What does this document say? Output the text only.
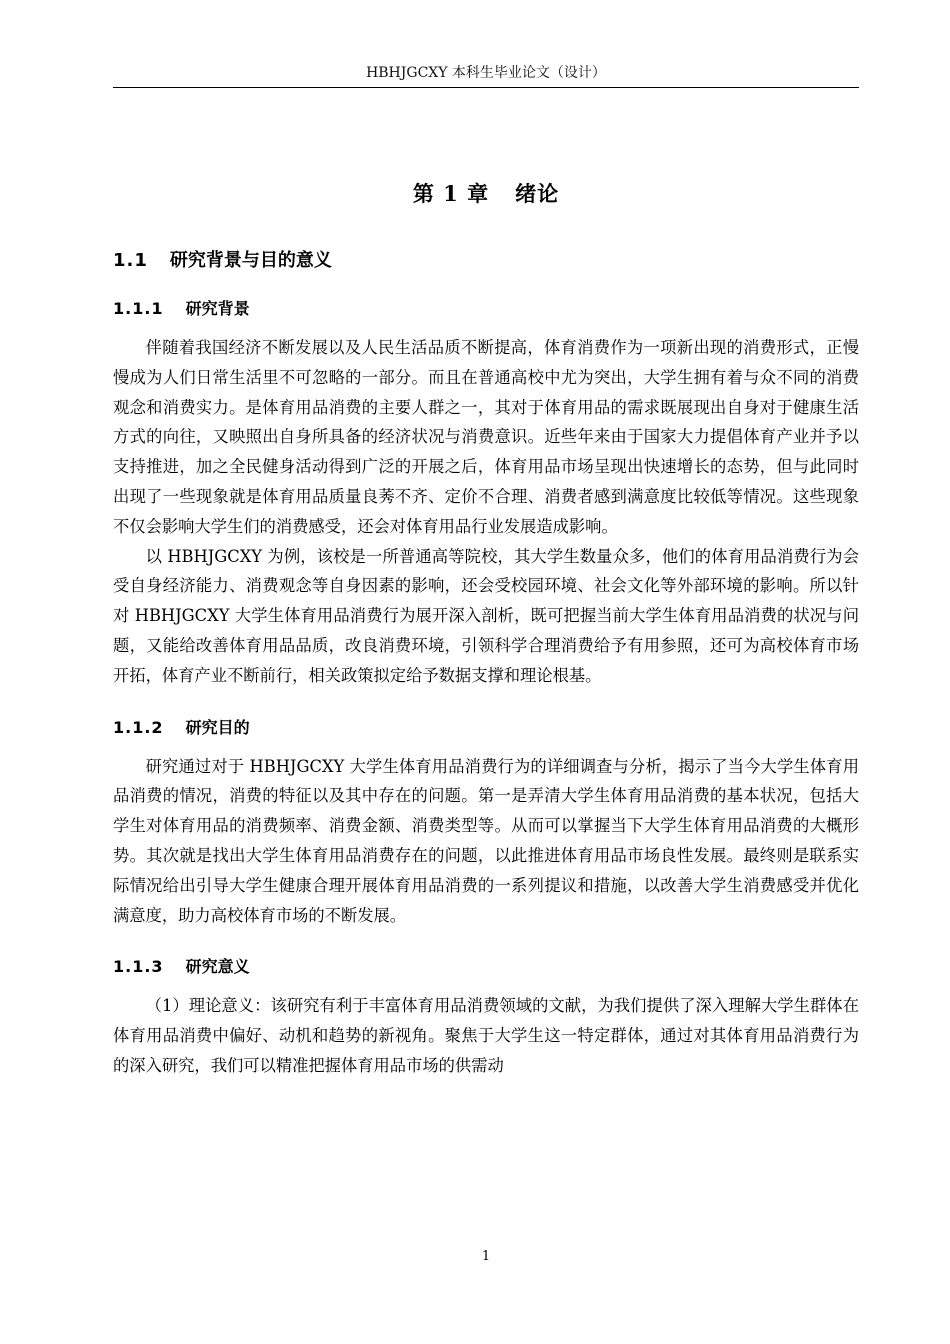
HBHJGCXY 本科生毕业论文（设计）
第 1 章 绪论
1.1 研究背景与目的意义
1.1.1 研究背景

伴随着我国经济不断发展以及人民生活品质不断提高，体育消费作为一项新出现的消费形式，正慢慢成为人们日常生活里不可忽略的一部分。而且在普通高校中尤为突出，大学生拥有着与众不同的消费观念和消费实力。是体育用品消费的主要人群之一，其对于体育用品的需求既展现出自身对于健康生活方式的向往，又映照出自身所具备的经济状况与消费意识。近些年来由于国家大力提倡体育产业并予以支持推进，加之全民健身活动得到广泛的开展之后，体育用品市场呈现出快速增长的态势，但与此同时出现了一些现象就是体育用品质量良莠不齐、定价不合理、消费者感到满意度比较低等情况。这些现象不仅会影响大学生们的消费感受，还会对体育用品行业发展造成影响。

以 HBHJGCXY 为例，该校是一所普通高等院校，其大学生数量众多，他们的体育用品消费行为会受自身经济能力、消费观念等自身因素的影响，还会受校园环境、社会文化等外部环境的影响。所以针对 HBHJGCXY 大学生体育用品消费行为展开深入剖析，既可把握当前大学生体育用品消费的状况与问题，又能给改善体育用品品质，改良消费环境，引领科学合理消费给予有用参照，还可为高校体育市场开拓，体育产业不断前行，相关政策拟定给予数据支撑和理论根基。

1.1.2 研究目的

研究通过对于 HBHJGCXY 大学生体育用品消费行为的详细调查与分析，揭示了当今大学生体育用品消费的情况，消费的特征以及其中存在的问题。第一是弄清大学生体育用品消费的基本状况，包括大学生对体育用品的消费频率、消费金额、消费类型等。从而可以掌握当下大学生体育用品消费的大概形势。其次就是找出大学生体育用品消费存在的问题，以此推进体育用品市场良性发展。最终则是联系实际情况给出引导大学生健康合理开展体育用品消费的一系列提议和措施，以改善大学生消费感受并优化满意度，助力高校体育市场的不断发展。

1.1.3 研究意义

（1）理论意义：该研究有利于丰富体育用品消费领域的文献，为我们提供了深入理解大学生群体在体育用品消费中偏好、动机和趋势的新视角。聚焦于大学生这一特定群体，通过对其体育用品消费行为的深入研究，我们可以精准把握体育用品市场的供需动

1
